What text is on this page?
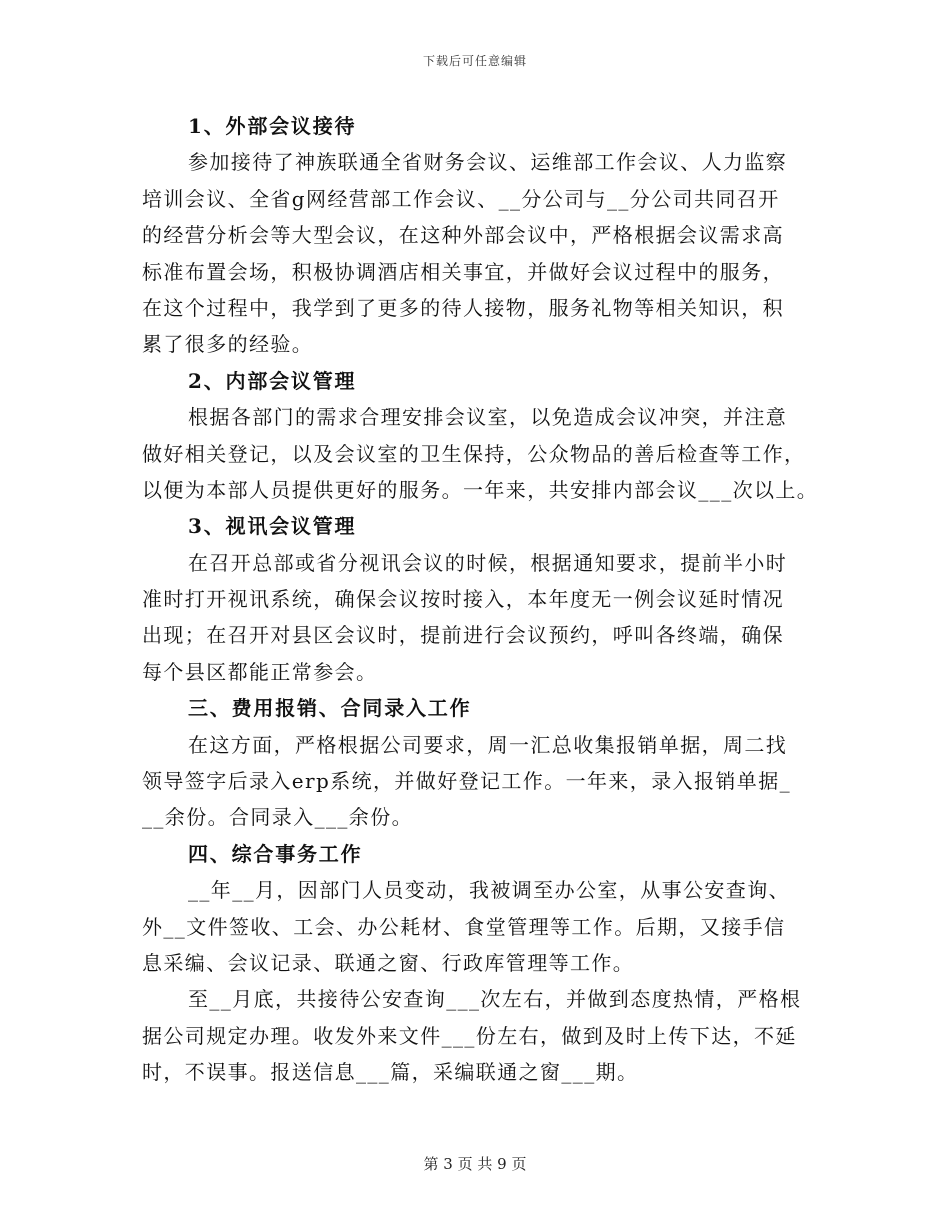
下载后可任意编辑
1、外部会议接待
参加接待了神族联通全省财务会议、运维部工作会议、人力监察
培训会议、全省g网经营部工作会议、__分公司与__分公司共同召开
的经营分析会等大型会议，在这种外部会议中，严格根据会议需求高
标准布置会场，积极协调酒店相关事宜，并做好会议过程中的服务，
在这个过程中，我学到了更多的待人接物，服务礼物等相关知识，积
累了很多的经验。
2、内部会议管理
根据各部门的需求合理安排会议室，以免造成会议冲突，并注意
做好相关登记，以及会议室的卫生保持，公众物品的善后检查等工作，
以便为本部人员提供更好的服务。一年来，共安排内部会议___次以上。
3、视讯会议管理
在召开总部或省分视讯会议的时候，根据通知要求，提前半小时
准时打开视讯系统，确保会议按时接入，本年度无一例会议延时情况
出现；在召开对县区会议时，提前进行会议预约，呼叫各终端，确保
每个县区都能正常参会。
三、费用报销、合同录入工作
在这方面，严格根据公司要求，周一汇总收集报销单据，周二找
领导签字后录入erp系统，并做好登记工作。一年来，录入报销单据_
__余份。合同录入___余份。
四、综合事务工作
__年__月，因部门人员变动，我被调至办公室，从事公安查询、
外__文件签收、工会、办公耗材、食堂管理等工作。后期，又接手信
息采编、会议记录、联通之窗、行政库管理等工作。
至__月底，共接待公安查询___次左右，并做到态度热情，严格根
据公司规定办理。收发外来文件___份左右，做到及时上传下达，不延
时，不误事。报送信息___篇，采编联通之窗___期。
第 3 页 共 9 页
